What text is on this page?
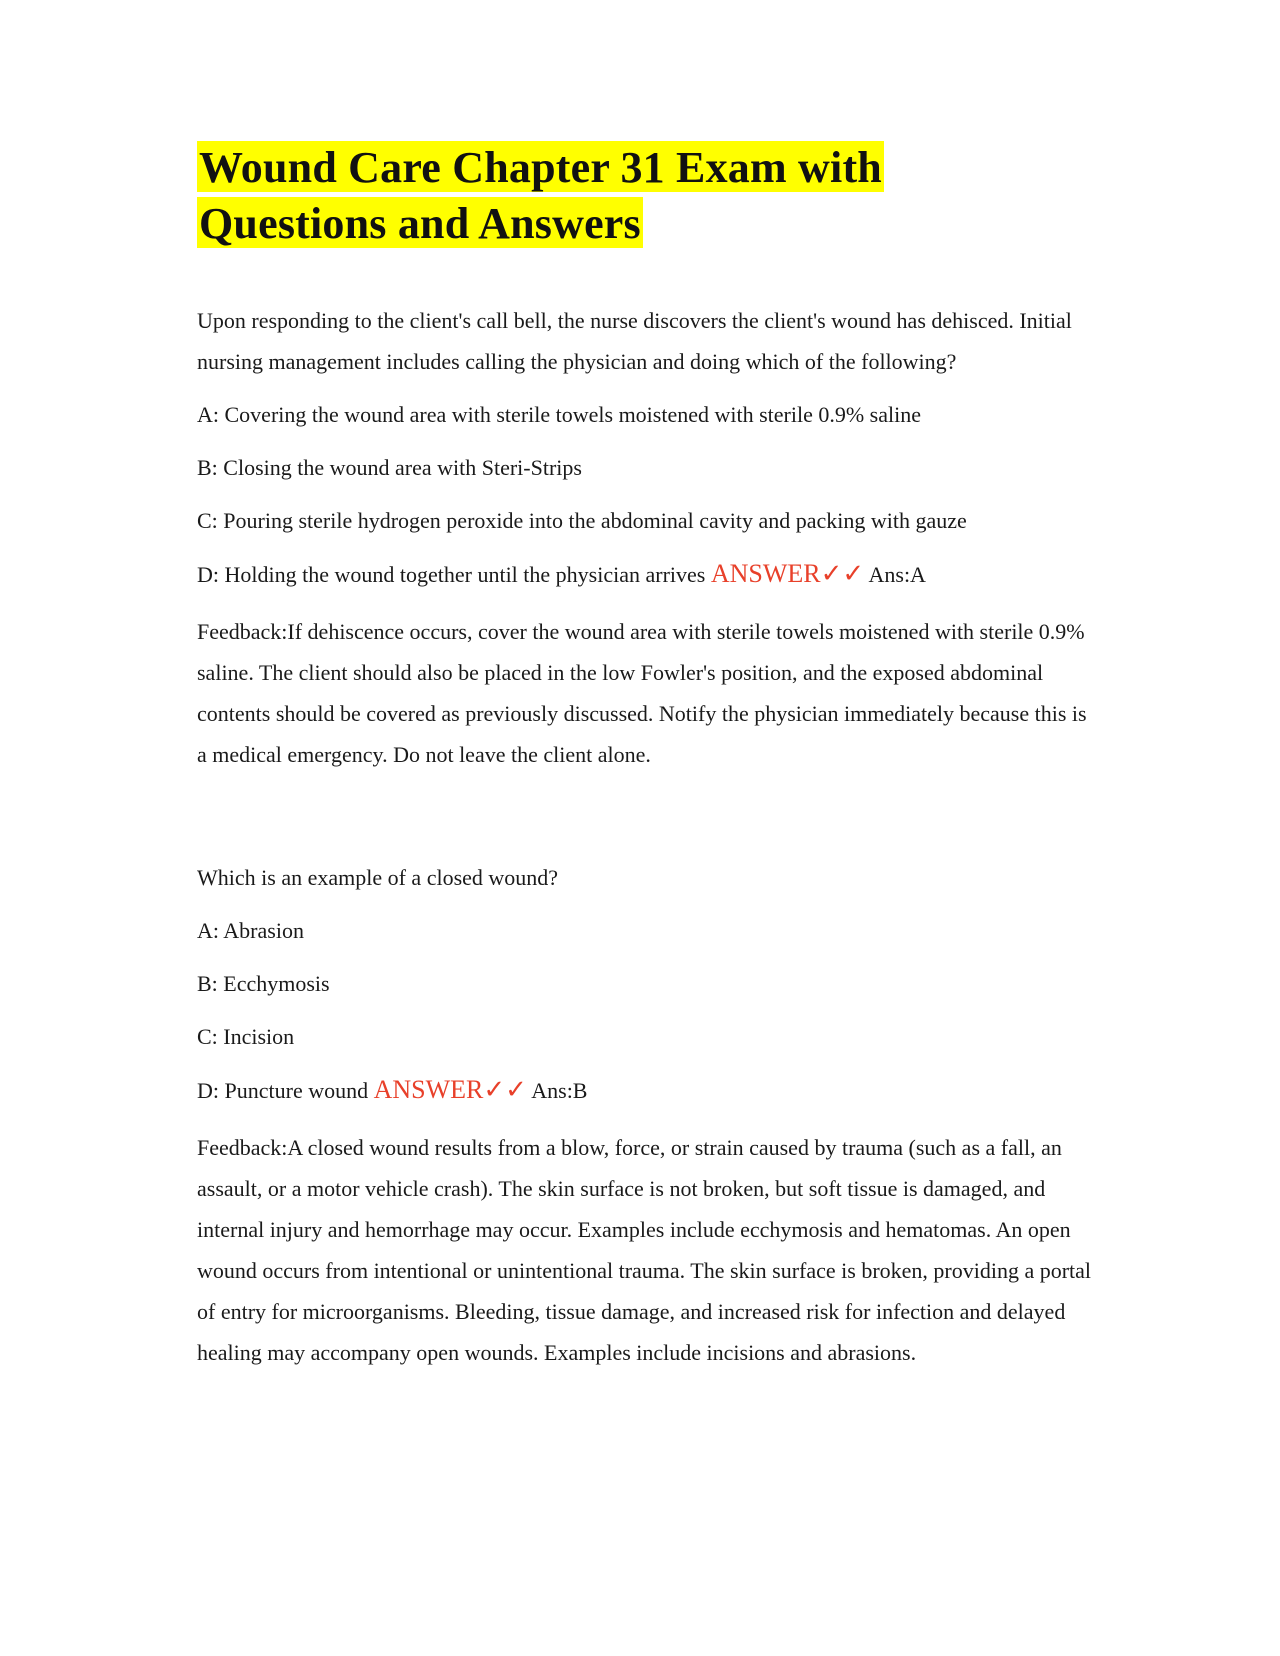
Wound Care Chapter 31 Exam with
Questions and Answers

Upon responding to the client's call bell, the nurse discovers the client's wound has dehisced. Initial nursing management includes calling the physician and doing which of the following?

A: Covering the wound area with sterile towels moistened with sterile 0.9% saline

B: Closing the wound area with Steri-Strips

C: Pouring sterile hydrogen peroxide into the abdominal cavity and packing with gauze

D: Holding the wound together until the physician arrives ANSWER✓✓ Ans:A

Feedback:If dehiscence occurs, cover the wound area with sterile towels moistened with sterile 0.9% saline. The client should also be placed in the low Fowler's position, and the exposed abdominal contents should be covered as previously discussed. Notify the physician immediately because this is a medical emergency. Do not leave the client alone.

Which is an example of a closed wound?

A: Abrasion

B: Ecchymosis

C: Incision

D: Puncture wound ANSWER✓✓ Ans:B

Feedback:A closed wound results from a blow, force, or strain caused by trauma (such as a fall, an assault, or a motor vehicle crash). The skin surface is not broken, but soft tissue is damaged, and internal injury and hemorrhage may occur. Examples include ecchymosis and hematomas. An open wound occurs from intentional or unintentional trauma. The skin surface is broken, providing a portal of entry for microorganisms. Bleeding, tissue damage, and increased risk for infection and delayed healing may accompany open wounds. Examples include incisions and abrasions.
